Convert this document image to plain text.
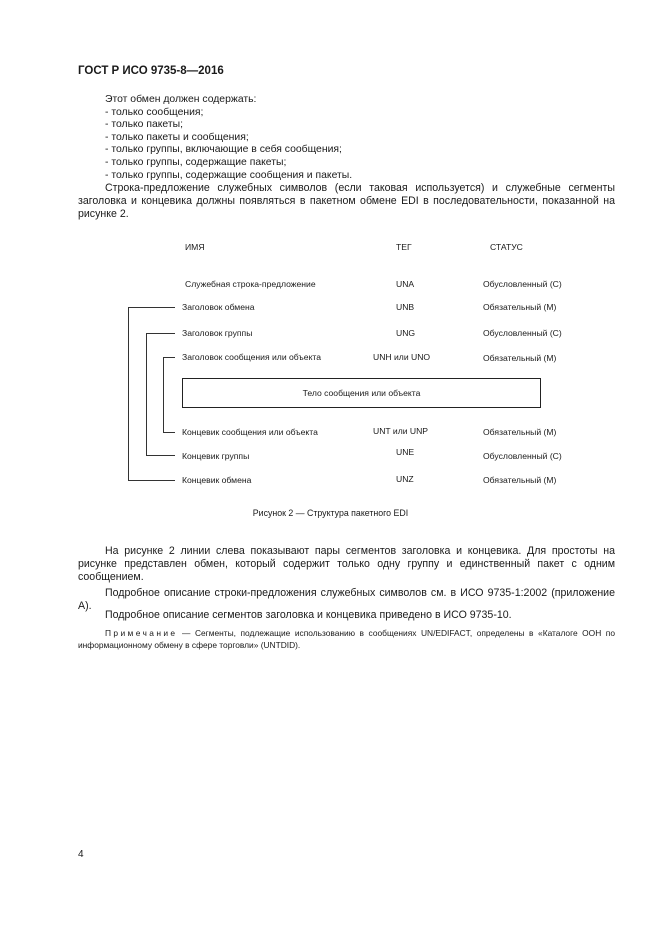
ГОСТ Р ИСО 9735-8—2016
Этот обмен должен содержать:
- только сообщения;
- только пакеты;
- только пакеты и сообщения;
- только группы, включающие в себя сообщения;
- только группы, содержащие пакеты;
- только группы, содержащие сообщения и пакеты.
Строка-предложение служебных символов (если таковая используется) и служебные сегменты заголовка и концевика должны появляться в пакетном обмене EDI в последовательности, показанной на рисунке 2.
ИМЯ	ТЕГ	СТАТУС
Служебная строка-предложение	UNA	Обусловленный (С)
Заголовок обмена	UNB	Обязательный (М)
Заголовок группы	UNG	Обусловленный (С)
Заголовок сообщения или объекта	UNH или UNO	Обязательный (М)
Тело сообщения или объекта
Концевик сообщения или объекта	UNT или UNP	Обязательный (М)
Концевик группы	UNE	Обусловленный (С)
Концевик обмена	UNZ	Обязательный (М)
Рисунок 2 — Структура пакетного EDI
На рисунке 2 линии слева показывают пары сегментов заголовка и концевика. Для простоты на рисунке представлен обмен, который содержит только одну группу и единственный пакет с одним сообщением.
Подробное описание строки-предложения служебных символов см. в ИСО 9735-1:2002 (приложение А).
Подробное описание сегментов заголовка и концевика приведено в ИСО 9735-10.
Примечание — Сегменты, подлежащие использованию в сообщениях UN/EDIFACT, определены в «Каталоге ООН по информационному обмену в сфере торговли» (UNTDID).
4
